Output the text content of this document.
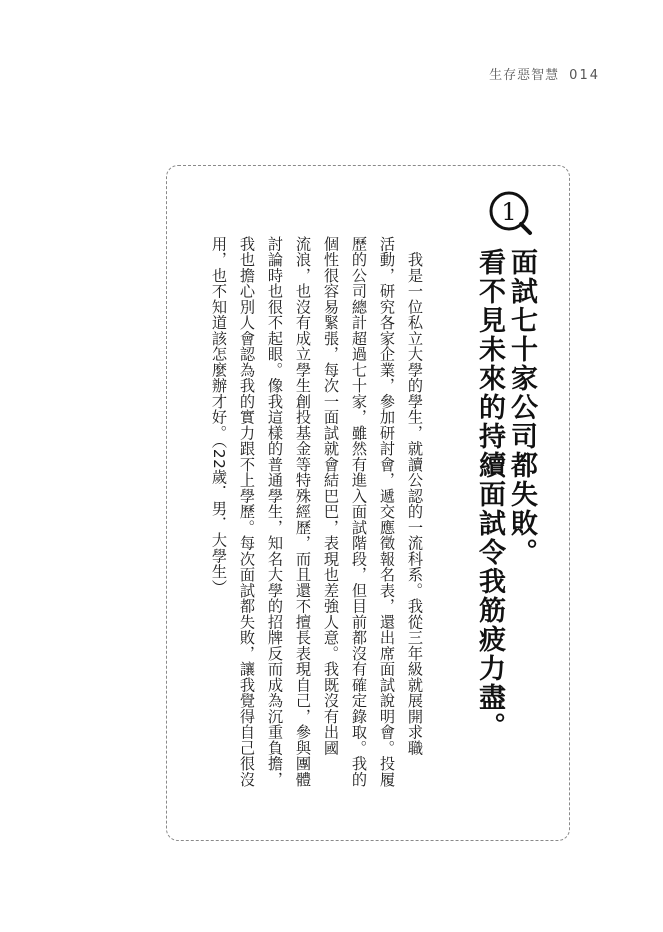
生存惡智慧 014
1
面試七十家公司都失敗。
看不見未來的持續面試令我筋疲力盡。
　我是一位私立大學的學生，就讀公認的一流科系。我從三年級就展開求職
活動，研究各家企業，參加研討會，遞交應徵報名表，還出席面試說明會。投履
歷的公司總計超過七十家，雖然有進入面試階段，但目前都沒有確定錄取。我的
個性很容易緊張，每次一面試就會結巴巴，表現也差強人意。我既沒有出國
流浪，也沒有成立學生創投基金等特殊經歷，而且還不擅長表現自己，參與團體
討論時也很不起眼。像我這樣的普通學生，知名大學的招牌反而成為沉重負擔，
我也擔心別人會認為我的實力跟不上學歷。每次面試都失敗，讓我覺得自己很沒
用，也不知道該怎麼辦才好。（22歲．男．大學生）
